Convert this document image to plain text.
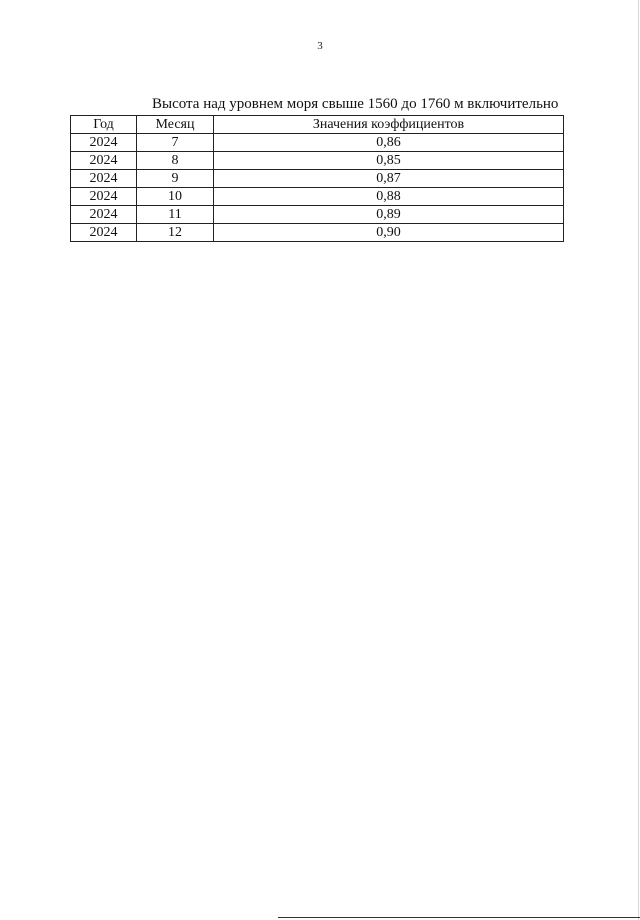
3
Высота над уровнем моря свыше 1560 до 1760 м включительно
Год	Месяц	Значения коэффициентов
2024	7	0,86
2024	8	0,85
2024	9	0,87
2024	10	0,88
2024	11	0,89
2024	12	0,90
